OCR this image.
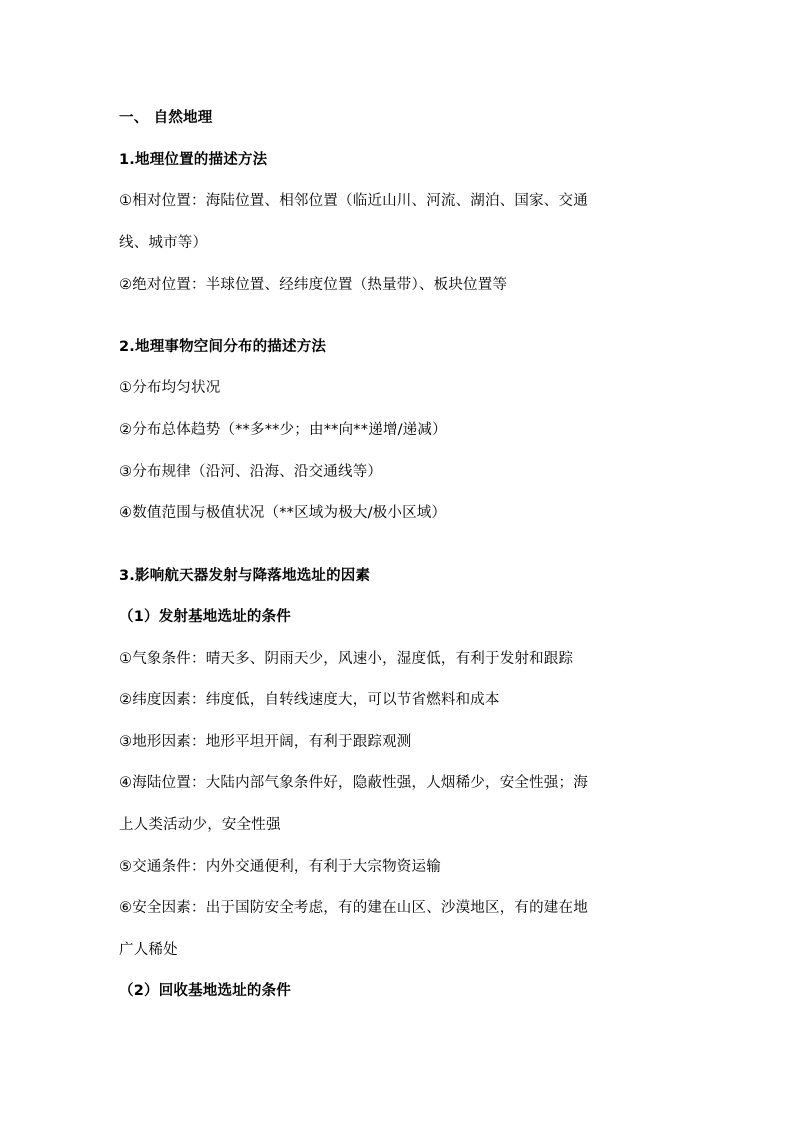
一、 自然地理
1.地理位置的描述方法
①相对位置：海陆位置、相邻位置（临近山川、河流、湖泊、国家、交通
线、城市等）
②绝对位置：半球位置、经纬度位置（热量带）、板块位置等
2.地理事物空间分布的描述方法
①分布均匀状况
②分布总体趋势（**多**少；由**向**递增/递减）
③分布规律（沿河、沿海、沿交通线等）
④数值范围与极值状况（**区域为极大/极小区域）
3.影响航天器发射与降落地选址的因素
（1）发射基地选址的条件
①气象条件：晴天多、阴雨天少，风速小，湿度低，有利于发射和跟踪
②纬度因素：纬度低，自转线速度大，可以节省燃料和成本
③地形因素：地形平坦开阔，有利于跟踪观测
④海陆位置：大陆内部气象条件好，隐蔽性强，人烟稀少，安全性强；海
上人类活动少，安全性强
⑤交通条件：内外交通便利，有利于大宗物资运输
⑥安全因素：出于国防安全考虑，有的建在山区、沙漠地区，有的建在地
广人稀处
（2）回收基地选址的条件
